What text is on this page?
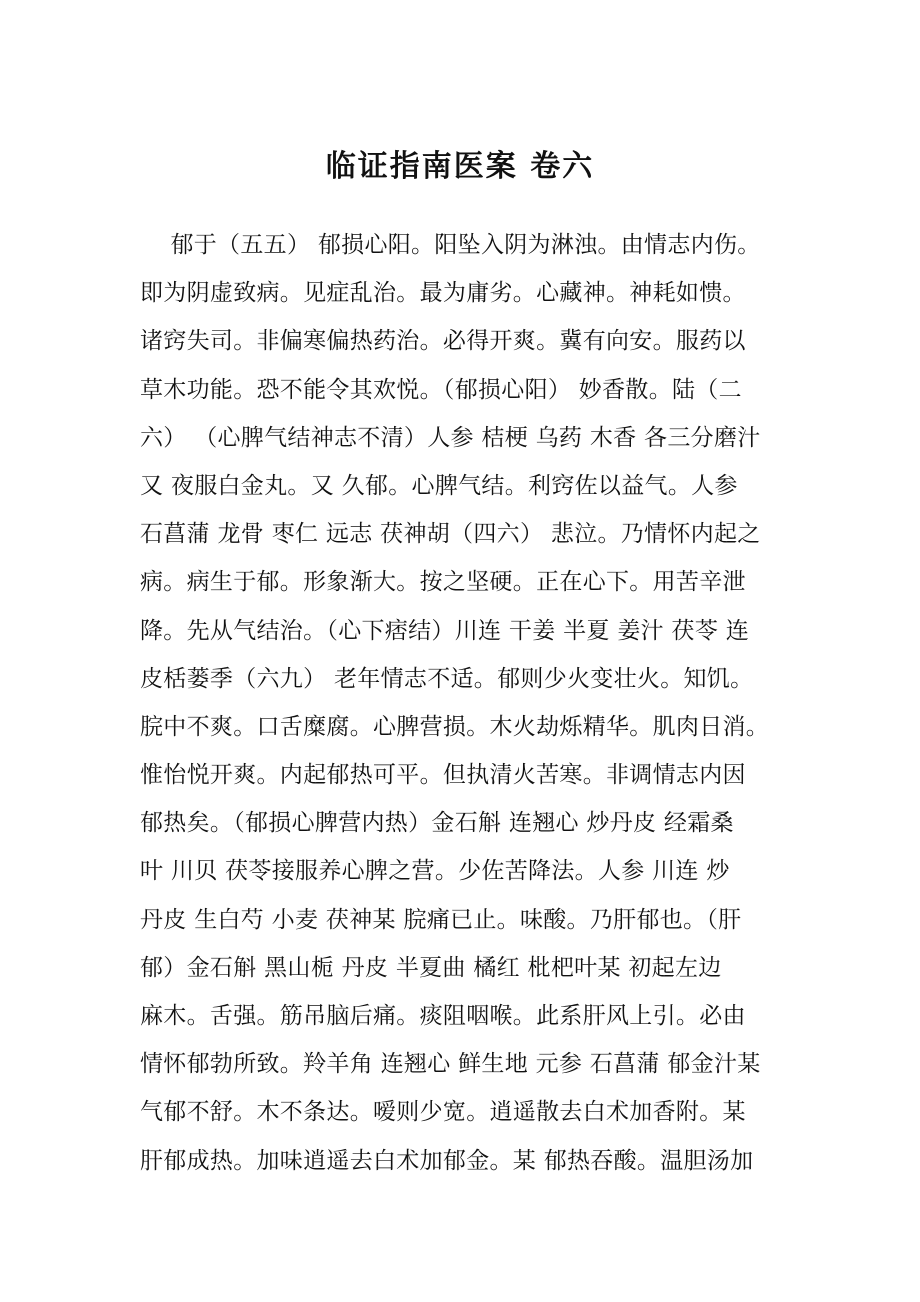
临证指南医案 卷六
郁于（五五） 郁损心阳。阳坠入阴为淋浊。由情志内伤。
即为阴虚致病。见症乱治。最为庸劣。心藏神。神耗如愦。
诸窍失司。非偏寒偏热药治。必得开爽。冀有向安。服药以
草木功能。恐不能令其欢悦。（郁损心阳） 妙香散。陆（二
六） （心脾气结神志不清）人参 桔梗 乌药 木香 各三分磨汁
又 夜服白金丸。又 久郁。心脾气结。利窍佐以益气。人参
石菖蒲 龙骨 枣仁 远志 茯神胡（四六） 悲泣。乃情怀内起之
病。病生于郁。形象渐大。按之坚硬。正在心下。用苦辛泄
降。先从气结治。（心下痞结）川连 干姜 半夏 姜汁 茯苓 连
皮栝蒌季（六九） 老年情志不适。郁则少火变壮火。知饥。
脘中不爽。口舌糜腐。心脾营损。木火劫烁精华。肌肉日消。
惟怡悦开爽。内起郁热可平。但执清火苦寒。非调情志内因
郁热矣。（郁损心脾营内热）金石斛 连翘心 炒丹皮 经霜桑
叶 川贝 茯苓接服养心脾之营。少佐苦降法。人参 川连 炒
丹皮 生白芍 小麦 茯神某 脘痛已止。味酸。乃肝郁也。（肝
郁）金石斛 黑山栀 丹皮 半夏曲 橘红 枇杷叶某 初起左边
麻木。舌强。筋吊脑后痛。痰阻咽喉。此系肝风上引。必由
情怀郁勃所致。羚羊角 连翘心 鲜生地 元参 石菖蒲 郁金汁某
气郁不舒。木不条达。嗳则少宽。逍遥散去白术加香附。某
肝郁成热。加味逍遥去白术加郁金。某 郁热吞酸。温胆汤加
